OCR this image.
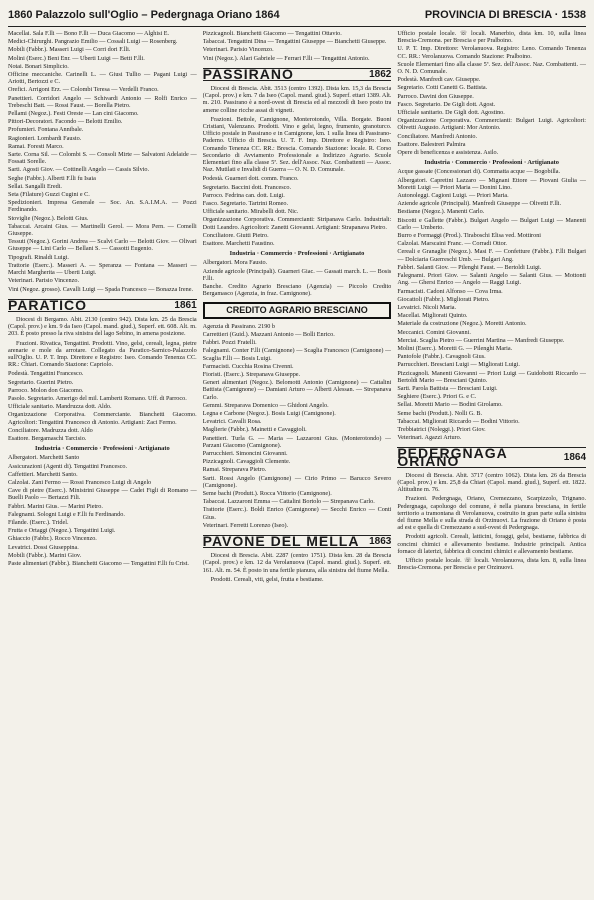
1860 Palazzolo sull'Oglio – Pedergnaga Oriano 1864	PROVINCIA DI BRESCIA · 1538
Macellai. Sala F.lli — Bono F.lli — Duca Giacomo — Alghisi E.
Medici-Chirurghi. Pangrazio Emilio — Cossali Luigi — Rosenberg.
Mobili (Fabbr.). Masseri Luigi — Corri dori F.lli.
Molini (Eserc.) Beni Enr. — Uberti Luigi — Betti F.lli.
Notai. Bonari Simplicio.
Officine meccaniche. Carinelli L. — Giusi Tullio — Pagani Luigi — Ariotti, Bertozzi e C.
Orefici. Arrigoni Erz. — Colombi Teresa — Verdelli Franco.
Panettieri. Corridori Angelo — Schivardi Antonio — Rolfi Enrico — Trebeschi Batt. — Rossi Faust. — Borella Pietro.
Pellami (Negoz.). Festi Oreste — Lan cini Giacomo.
Pittori-Decoratori. Facondo — Belotti Emilio.
Profumieri. Fontana Annibale.
Ragionieri. Lombardi Fausto.
Ramai. Foresti Marco.
Sarte. Corna Sil. — Colombi S. — Consoli Mirte — Salvatoni Adelaide — Fossati Sorelle.
Sarti. Agosti Giov. — Cottinelli Angelo — Cassis Silvio.
Seghe (Fabbr.). Alberti F.lli fu Isaia
Sellai. Sangalli Eredi.
Seta (Filature) Guzzi Cugini e C.
Spedizionieri. Impresa Generale — Soc. An. S.A.I.M.A. — Pozzi Ferdinando.
Stoviglie (Negoz.). Belotti Gius.
Tabaccai. Arcaini Gius. — Martinelli Gerol. — Mora Pern. — Comelli Giuseppe.
Tessuti (Negoz.). Gorini Andrea — Scalvi Carlo — Belotti Giov. — Olivari Giuseppe — Lini Carlo — Bellani S. — Cassotti Eugenio.
Tipografi. Rinaldi Luigi.
Trattorie (Eserc.). Masseri A. — Speranza — Fontana — Masseri — Marchi Margherita — Uberti Luigi.
Veterinari. Parisio Vincenzo.
Vini (Negoz. grosso). Cavalli Luigi — Spada Francesco — Bonazza Irene.
PARATICO	1861
Diocesi di Bergamo. Abit. 2130 (centro 942). Dista km. 25 da Brescia (Capol. prov.) e km. 9 da Iseo (Capol. mand. giud.), Superf. ett. 608. Alt. m. 203. È posto presso la riva sinistra del lago Sebino, in amena posizione.
Frazioni. Rivatica, Tengattini. Prodotti. Vino, gelsi, cereali, legna, pietre arenarie e mole da arrotare. Collegato da Paratico-Sarnico-Palazzolo sull'Oglio. U. P. T. Imp. Direttore e Registro: Iseo. Comando Tenenza CC. RR.: Chiari. Comando Stazione: Capriolo.
Podestà. Tengattini Francesco.
Segretario. Guerini Pietro.
Parroco. Molon don Giacomo.
Pasolo. Segretario. Amerigo del mil. Lamberti Romano. Uff. di Parroco.
Ufficiale sanitario. Mandruzza dott. Aldo.
Organizzazione Corporativa. Commerciante. Bianchetti Giacomo. Agricoltori: Tengattini Francesco di Antonio. Artigiani: Zaci Fermo.
Conciliatore. Madruzza dott. Aldo
Esattore. Bergamaschi Tarcisio.
Industria · Commercio · Professioni · Artigianato
Albergatori. Marchetti Santo
Assicurazioni (Agenti di). Tengattini Francesco.
Caffettieri. Marchetti Santo.
Calzolai. Zani Fermo — Rossi Francesco Luigi di Angelo
Cave di pietre (Eserc.). Ministrini Giuseppe — Cadei Figli di Romano — Buelli Paolo — Bertazzi Fili.
Fabbri. Marini Gius. — Marini Pietro.
Falegnami. Sologni Luigi e F.lli fu Ferdinando.
Filande. (Eserc.). Tridel.
Frutta e Ortaggi (Negoz.). Tengattini Luigi.
Ghiaccio (Fabbr.). Rocco Vincenzo.
Levatrici. Dossi Giuseppina.
Mobili (Fabbr.). Marini Giov.
Paste alimentari (Fabbr.). Bianchetti Giacomo — Tengattini F.lli fu Crist.
Pizzicagnoli. Bianchetti Giacomo — Tengattini Ottavio.
Tabaccai. Tengattini Dina — Tengattini Giuseppe — Bianchetti Giuseppe.
Veterinari. Parisio Vincenzo.
Vini (Negoz.). Alari Gabriele — Ferrari F.lli — Tengattini Antonio.
PASSIRANO	1862
Diocesi di Brescia. Abit. 3513 (centro 1392). Dista km. 15,3 da Brescia (Capol. prov.) e km. 7 da Iseo (Capol. mand. giud.). Superf. ettari 1389. Alt. m. 210. Passirano è a nord-ovest di Brescia ed al mezzodì di Iseo posto tra amene colline ricche assai di vigneti.
Frazioni. Bettole, Camignone, Monterotondo, Villa. Borgate. Buoni Cristiani, Valenzano. Prodotti. Vino e gelsi, legno, frumento, granoturco. Ufficio postale in Passirano e in Camignone, km. 1 sulla linea di Passirano-Paderno. Ufficio di Brescia. U. T. F. Imp. Direttore e Registro: Iseo. Comando Tenenza CC. RR.: Brescia. Comando Stazione: locale. R. Corso Secondario di Avviamento Professionale a Indirizzo Agrario. Scuole Elementari fino alla classe 5ª. Sez. dell'Assoc. Naz. Combattenti — Assoc. Naz. Mutilati e Invalidi di Guerra — O. N. D. Comunale.
Podestà. Guarneri dott. comm. Franco.
Segretario. Baccini dott. Francesco.
Parroco. Fedrina can. dott. Luigi.
Fasco. Segretario. Tartrini Romeo.
Ufficiale sanitario. Mirabelli dott. Nic.
Organizzazione Corporativa. Commercianti: Stripanava Carlo. Industriali: Dotti Leandro. Agricoltori: Zanetti Giovanni. Artigiani: Strapanava Pietro.
Conciliatore. Giutti Pietro.
Esattore. Marchetti Faustino.
Industria · Commercio · Professioni · Artigianato
Albergatori. Mora Fausto.
Aziende agricole (Principali). Guarneri Giac. — Gassati march. L. — Bosis F.lli.
Banche. Credito Agrario Bresciano (Agenzia) — Piccolo Credito Bergamasco (Agenzia, in fraz. Camignone).
CREDITO AGRARIO BRESCIANO
Agenzia di Passirano. 2190 b
Carrettieri (Guid.). Mazzani Antonio — Bolli Enrico.
Fabbri. Pozzi Fratelli.
Falegnami. Conter F.lli (Camignone) — Scaglia Francesco (Camignone) — Scaglia F.lli — Bosis Luigi.
Farmacisti. Cucchia Rosina Civenni.
Fioristi. (Eserc.). Strepanava Giuseppe.
Generi alimentari (Negoz.). Belomotti Antonio (Camignone) — Cattalini Battista (Camignone) — Damiani Arturo — Alberti Alessan. — Strepanava Carlo.
Gemmi. Streparava Domenico — Ghidoni Angelo.
Legna e Carbone (Negoz.). Bosis Luigi (Camignone).
Levatrici. Cavalli Rosa.
Maglierie (Fabbr.). Mainetti e Cavaggioli.
Panettieri. Turla G. — Maria — Lazzaroni Gius. (Monterotondo) — Parzani Giacomo (Camignone).
Parrucchieri. Simoncini Giovanni.
Pizzicagnoli. Cavaggioli Clemente.
Ramai. Streparava Pietro.
Sarti. Rossi Angelo (Camignone) — Cirio Primo — Barucco Severo (Camignone).
Seme bachi (Produtt.). Rocca Vittorio (Camignone).
Tabaccai. Lazzaroni Emma — Cattalini Bortolo — Strepanava Carlo.
Trattorie (Eserc.). Boldi Enrico (Camignone) — Secchi Enrico — Conti Gius.
Veterinari. Ferretti Lorenzo (Iseo).
PAVONE DEL MELLA 1863
Diocesi di Brescia. Abit. 2287 (centro 1751). Dista km. 28 da Brescia (Capol. prov.) e km. 12 da Verolanuova (Capol. mand. giud.). Superf. ett. 161. Alt. m. 54. È posto in una fertile pianura, alla sinistra del fiume Mella.
Prodotti. Cereali, viti, gelsi, frutta e bestiame.
Ufficio postale locale. ☏ locali. Manerbio, dista km. 10, sulla linea Brescia-Cremona. per Brescia e per Pralboino.
U. P. T. Imp. Direttore: Verolanuova. Registro: Leno. Comando Tenenza CC. RR.: Verolanuova. Comando Stazione: Pralboino.
Scuole Elementari fino alla classe 5ª. Sez. dell'Assoc. Naz. Combattenti. — O. N. D. Comunale.
Podestà. Manfredi cav. Giuseppe.
Segretario. Cotti Canetti G. Battista.
Parroco. Davini don Giuseppe.
Fasco. Segretario. De Gigli dott. Agost.
Ufficiale sanitario. De Gigli dott. Agostino.
Organizzazione Corporativa. Commercianti: Bulgari Luigi. Agricoltori: Olivetti Augusto. Artigiani: Mor Antonio.
Conciliatore. Manfredi Antonio.
Esattore. Balestreri Palmira
Opere di beneficenza e assistenza. Asilo.
Industria · Commercio · Professioni · Artigianato
Acque gassate (Concessionari di). Commatta acque — Bogobilla.
Albergatori. Capretini Lazzaro — Mignani Ettore — Piovani Giulia — Moretti Luigi — Priori Maria — Donini Lino.
Autonoleggi. Cagioni Luigi. — Priori Maria.
Aziende agricole (Principali). Manfredi Giuseppe — Olivetti F.lli.
Bestiame (Negoz.). Manenti Carlo.
Biscotti e Gallette (Fabbr.). Bulgari Angelo — Bulgari Luigi — Manenti Carlo — Umberto.
Burro e Formaggi (Prod.). Tiraboschi Elisa ved. Mottironi
Calzolai. Marscaini Franc. — Corradi Ottor.
Cereali e Granaglie (Negoz.). Masi F. — Confetture (Fabbr.). F.lli Bulgari — Dolciaria Guerreschi Umb. — Bulgari Ang.
Fabbri. Salanti Giov. — Pilenghi Faust. — Bertoldi Luigi.
Falegnami. Priori Giov. — Salanti Angelo — Salanti Gius. — Mottonti Ang. — Ghersi Enrico — Angelo — Raggi Luigi.
Farmacisti. Cadoni Alfonso — Cova Irma.
Giocattoli (Fabbr.). Migliorati Pietro.
Levatrici. Nicoli Maria.
Macellai. Migliorati Quinto.
Materiale da costruzione (Negoz.). Moretti Antonio.
Meccanici. Comini Giovanni.
Merciai. Scaglia Pietro — Guerrini Martina — Manfredi Giuseppe.
Molini (Eserc.). Moretti G. — Pilenghi Maria.
Pantofole (Fabbr.). Cavagnoli Gius.
Parrucchieri. Bresciani Luigi — Migliorati Luigi.
Pizzicagnoli. Manenti Giovanni — Priori Luigi — Guidobotti Riccardo — Bertoldi Mario — Bresciani Quinto.
Sarti. Parola Battista — Bresciani Luigi.
Seghiere (Eserc.). Priori G. e C.
Sellai. Moretti Mario — Bodini Girolamo.
Seme bachi (Produtt.). Nolli G. B.
Tabaccai. Migliorati Riccardo — Bodini Vittorio.
Trebbiatrici (Noleggi.). Priori Giov.
Veterinari. Agazzi Arturo.
PEDERGNAGA ORIANO	1864
Diocesi di Brescia. Abit. 3717 (centro 1062). Dista km. 26 da Brescia (Capol. prov.) e km. 25,8 da Chiari (Capol. mand. giud.), Superf. ett. 1822. Altitudine m. 76.
Frazioni. Pedergnaga, Oriano, Cremezzano, Scarpizzolo, Trignano. Pedergnaga, capoluogo del comune, è nella pianura bresciana, in fertile territorio a tramontana di Verolanuova, costruito in gran parte sulla sinistra del fiume Mella e sulla strada di Orzinuovi. La frazione di Oriano è posta ad est e quella di Cremezzano a sud-ovest di Pedergnaga.
Prodotti agricoli. Cereali, latticini, foraggi, gelsi, bestiame, fabbrica di concimi chimici e allevamento bestiame. Industrie principali. Antica fornace di laterizi, fabbrica di concimi chimici e allevamento bestiame.
Ufficio postale locale. ☏ locali. Verolanuova, dista km. 8, sulla linea Brescia-Cremona. per Brescia e per Orzinuovi.
